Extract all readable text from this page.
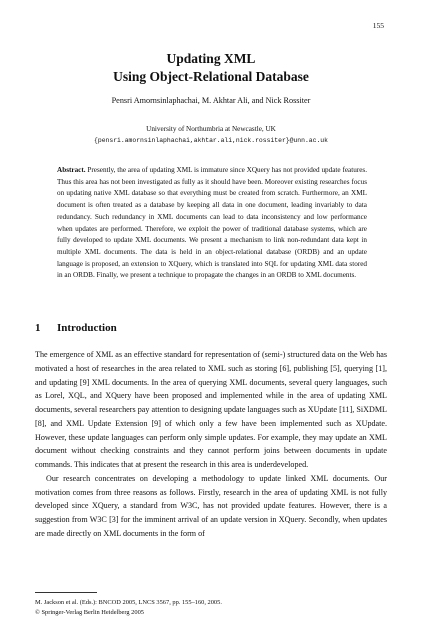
155
Updating XML
Using Object-Relational Database
Pensri Amornsinlaphachai, M. Akhtar Ali, and Nick Rossiter
University of Northumbria at Newcastle, UK
{pensri.amornsinlaphachai,akhtar.ali,nick.rossiter}@unn.ac.uk
Abstract. Presently, the area of updating XML is immature since XQuery has not provided update features. Thus this area has not been investigated as fully as it should have been. Moreover existing researches focus on updating native XML database so that everything must be created from scratch. Furthermore, an XML document is often treated as a database by keeping all data in one document, leading invariably to data redundancy. Such redundancy in XML documents can lead to data inconsistency and low performance when updates are performed. Therefore, we exploit the power of traditional database systems, which are fully developed to update XML documents. We present a mechanism to link non-redundant data kept in multiple XML documents. The data is held in an object-relational database (ORDB) and an update language is proposed, an extension to XQuery, which is translated into SQL for updating XML data stored in an ORDB. Finally, we present a technique to propagate the changes in an ORDB to XML documents.
1 Introduction

The emergence of XML as an effective standard for representation of (semi-) structured data on the Web has motivated a host of researches in the area related to XML such as storing [6], publishing [5], querying [1], and updating [9] XML documents. In the area of querying XML documents, several query languages, such as Lorel, XQL, and XQuery have been proposed and implemented while in the area of updating XML documents, several researchers pay attention to designing update languages such as XUpdate [11], SiXDML [8], and XML Update Extension [9] of which only a few have been implemented such as XUpdate. However, these update languages can perform only simple updates. For example, they may update an XML document without checking constraints and they cannot perform joins between documents in update commands. This indicates that at present the research in this area is underdeveloped.

Our research concentrates on developing a methodology to update linked XML documents. Our motivation comes from three reasons as follows. Firstly, research in the area of updating XML is not fully developed since XQuery, a standard from W3C, has not provided update features. However, there is a suggestion from W3C [3] for the imminent arrival of an update version in XQuery. Secondly, when updates are made directly on XML documents in the form of

M. Jackson et al. (Eds.): BNCOD 2005, LNCS 3567, pp. 155–160, 2005.
© Springer-Verlag Berlin Heidelberg 2005
